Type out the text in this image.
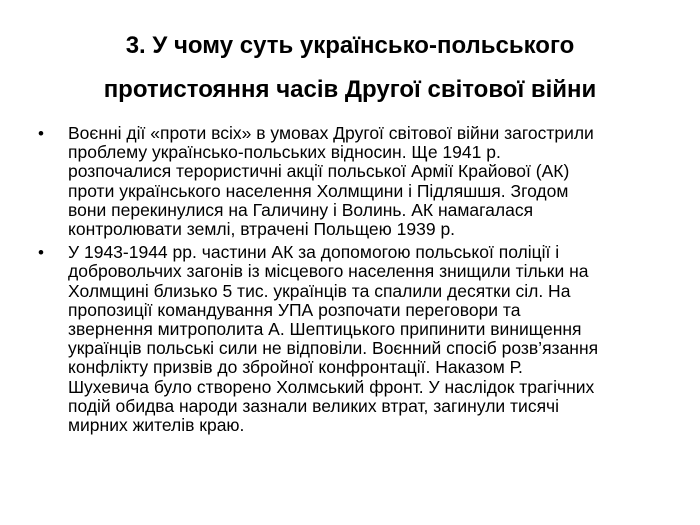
3. У чому суть українсько-польського
протистояння часів Другої світової війни
• Воєнні дії «проти всіх» в умовах Другої світової війни загострили
проблему українсько-польських відносин. Ще 1941 р.
розпочалися терористичні акції польської Армії Крайової (АК)
проти українського населення Холмщини і Підляшшя. Згодом
вони перекинулися на Галичину і Волинь. АК намагалася
контролювати землі, втрачені Польщею 1939 р.
• У 1943-1944 рр. частини АК за допомогою польської поліції і
добровольчих загонів із місцевого населення знищили тільки на
Холмщині близько 5 тис. українців та спалили десятки сіл. На
пропозиції командування УПА розпочати переговори та
звернення митрополита А. Шептицького припинити винищення
українців польські сили не відповіли. Воєнний спосіб розв’язання
конфлікту призвів до збройної конфронтації. Наказом Р.
Шухевича було створено Холмський фронт. У наслідок трагічних
подій обидва народи зазнали великих втрат, загинули тисячі
мирних жителів краю.
